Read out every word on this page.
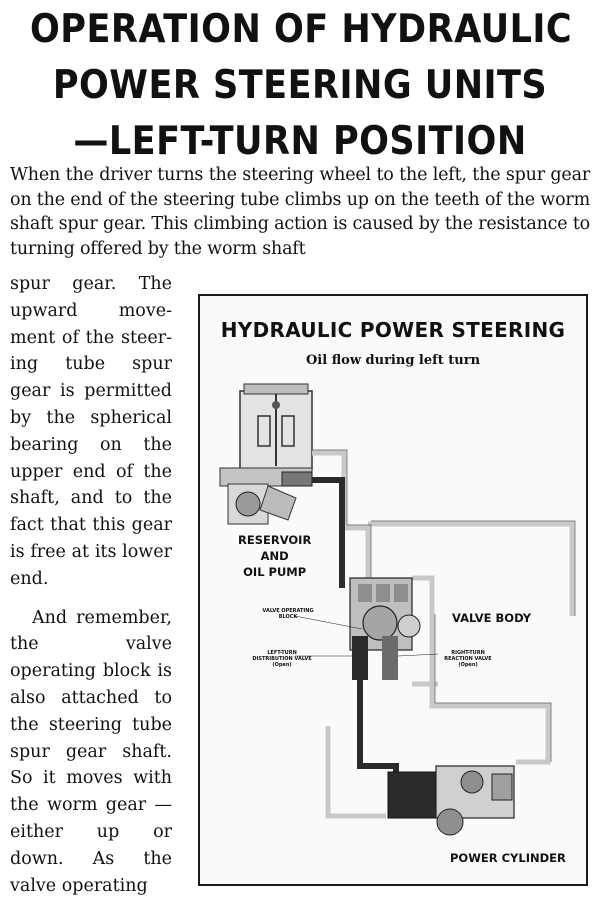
OPERATION OF HYDRAULIC
POWER STEERING UNITS
—LEFT-TURN POSITION

When the driver turns the steering wheel to the left, the spur gear on the end of the steering tube climbs up on the teeth of the worm shaft spur gear. This climbing action is caused by the resistance to turning offered by the worm shaft

spur gear. The upward movement of the steering tube spur gear is permitted by the spherical bearing on the upper end of the shaft, and to the fact that this gear is free at its lower end.

And remember, the valve operating block is also attached to the steering tube spur gear shaft. So it moves with the worm gear — either up or down. As the valve operating

HYDRAULIC POWER STEERING
Oil flow during left turn
RESERVOIR
AND
OIL PUMP
VALVE BODY
POWER CYLINDER
VALVE OPERATING
BLOCK
LEFT-TURN
DISTRIBUTION VALVE
(Open)
RIGHT-TURN
REACTION VALVE
(Open)
